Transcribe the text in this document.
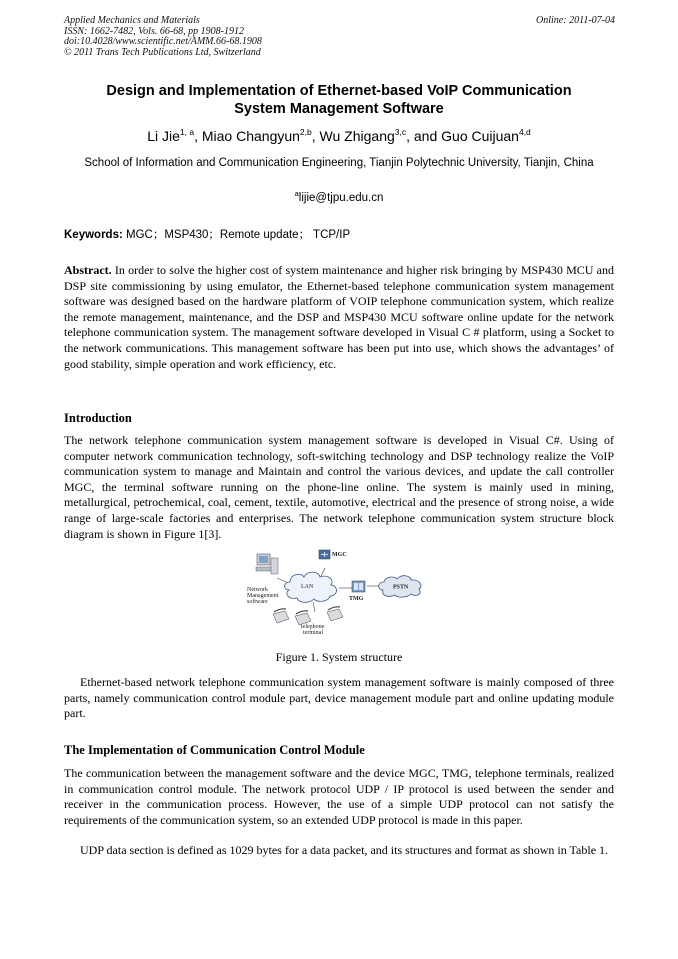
Applied Mechanics and Materials
ISSN: 1662-7482, Vols. 66-68, pp 1908-1912
doi:10.4028/www.scientific.net/AMM.66-68.1908
© 2011 Trans Tech Publications Ltd, Switzerland
Online: 2011-07-04
Design and Implementation of Ethernet-based VoIP Communication
System Management Software
Li Jie$^{1, a}$, Miao Changyun$^{2,b}$, Wu Zhigang$^{3,c}$, and Guo Cuijuan$^{4,d}$
School of Information and Communication Engineering, Tianjin Polytechnic University, Tianjin, China
$^a$lijie@tjpu.edu.cn
Keywords: MGC；MSP430；Remote update； TCP/IP
Abstract. In order to solve the higher cost of system maintenance and higher risk bringing by MSP430 MCU and DSP site commissioning by using emulator, the Ethernet-based telephone communication system management software was designed based on the hardware platform of VOIP telephone communication system, which realize the remote management, maintenance, and the DSP and MSP430 MCU software online update for the network telephone communication system. The management software developed in Visual C # platform, using a Socket to the network communications. This management software has been put into use, which shows the advantages’ of good stability, simple operation and work efficiency, etc.
Introduction
The network telephone communication system management software is developed in Visual C#. Using of computer network communication technology, soft-switching technology and DSP technology realize the VoIP communication system to manage and Maintain and control the various devices, and update the call controller MGC, the terminal software running on the phone-line online. The system is mainly used in mining, metallurgical, petrochemical, coal, cement, textile, automotive, electrical and the presence of strong noise, a wide range of large-scale factories and enterprises. The network telephone communication system structure block diagram is shown in Figure 1[3].
LAN
MGC
TMG
PSTN
Network
Management
software
telephone
terminal
Figure 1. System structure
Ethernet-based network telephone communication system management software is mainly composed of three parts, namely communication control module part, device management module part and online updating module part.
The Implementation of Communication Control Module
The communication between the management software and the device MGC, TMG, telephone terminals, realized in communication control module. The network protocol UDP / IP protocol is used between the sender and receiver in the communication process. However, the use of a simple UDP protocol can not satisfy the requirements of the communication system, so an extended UDP protocol is made in this paper.
UDP data section is defined as 1029 bytes for a data packet, and its structures and format as shown in Table 1.
